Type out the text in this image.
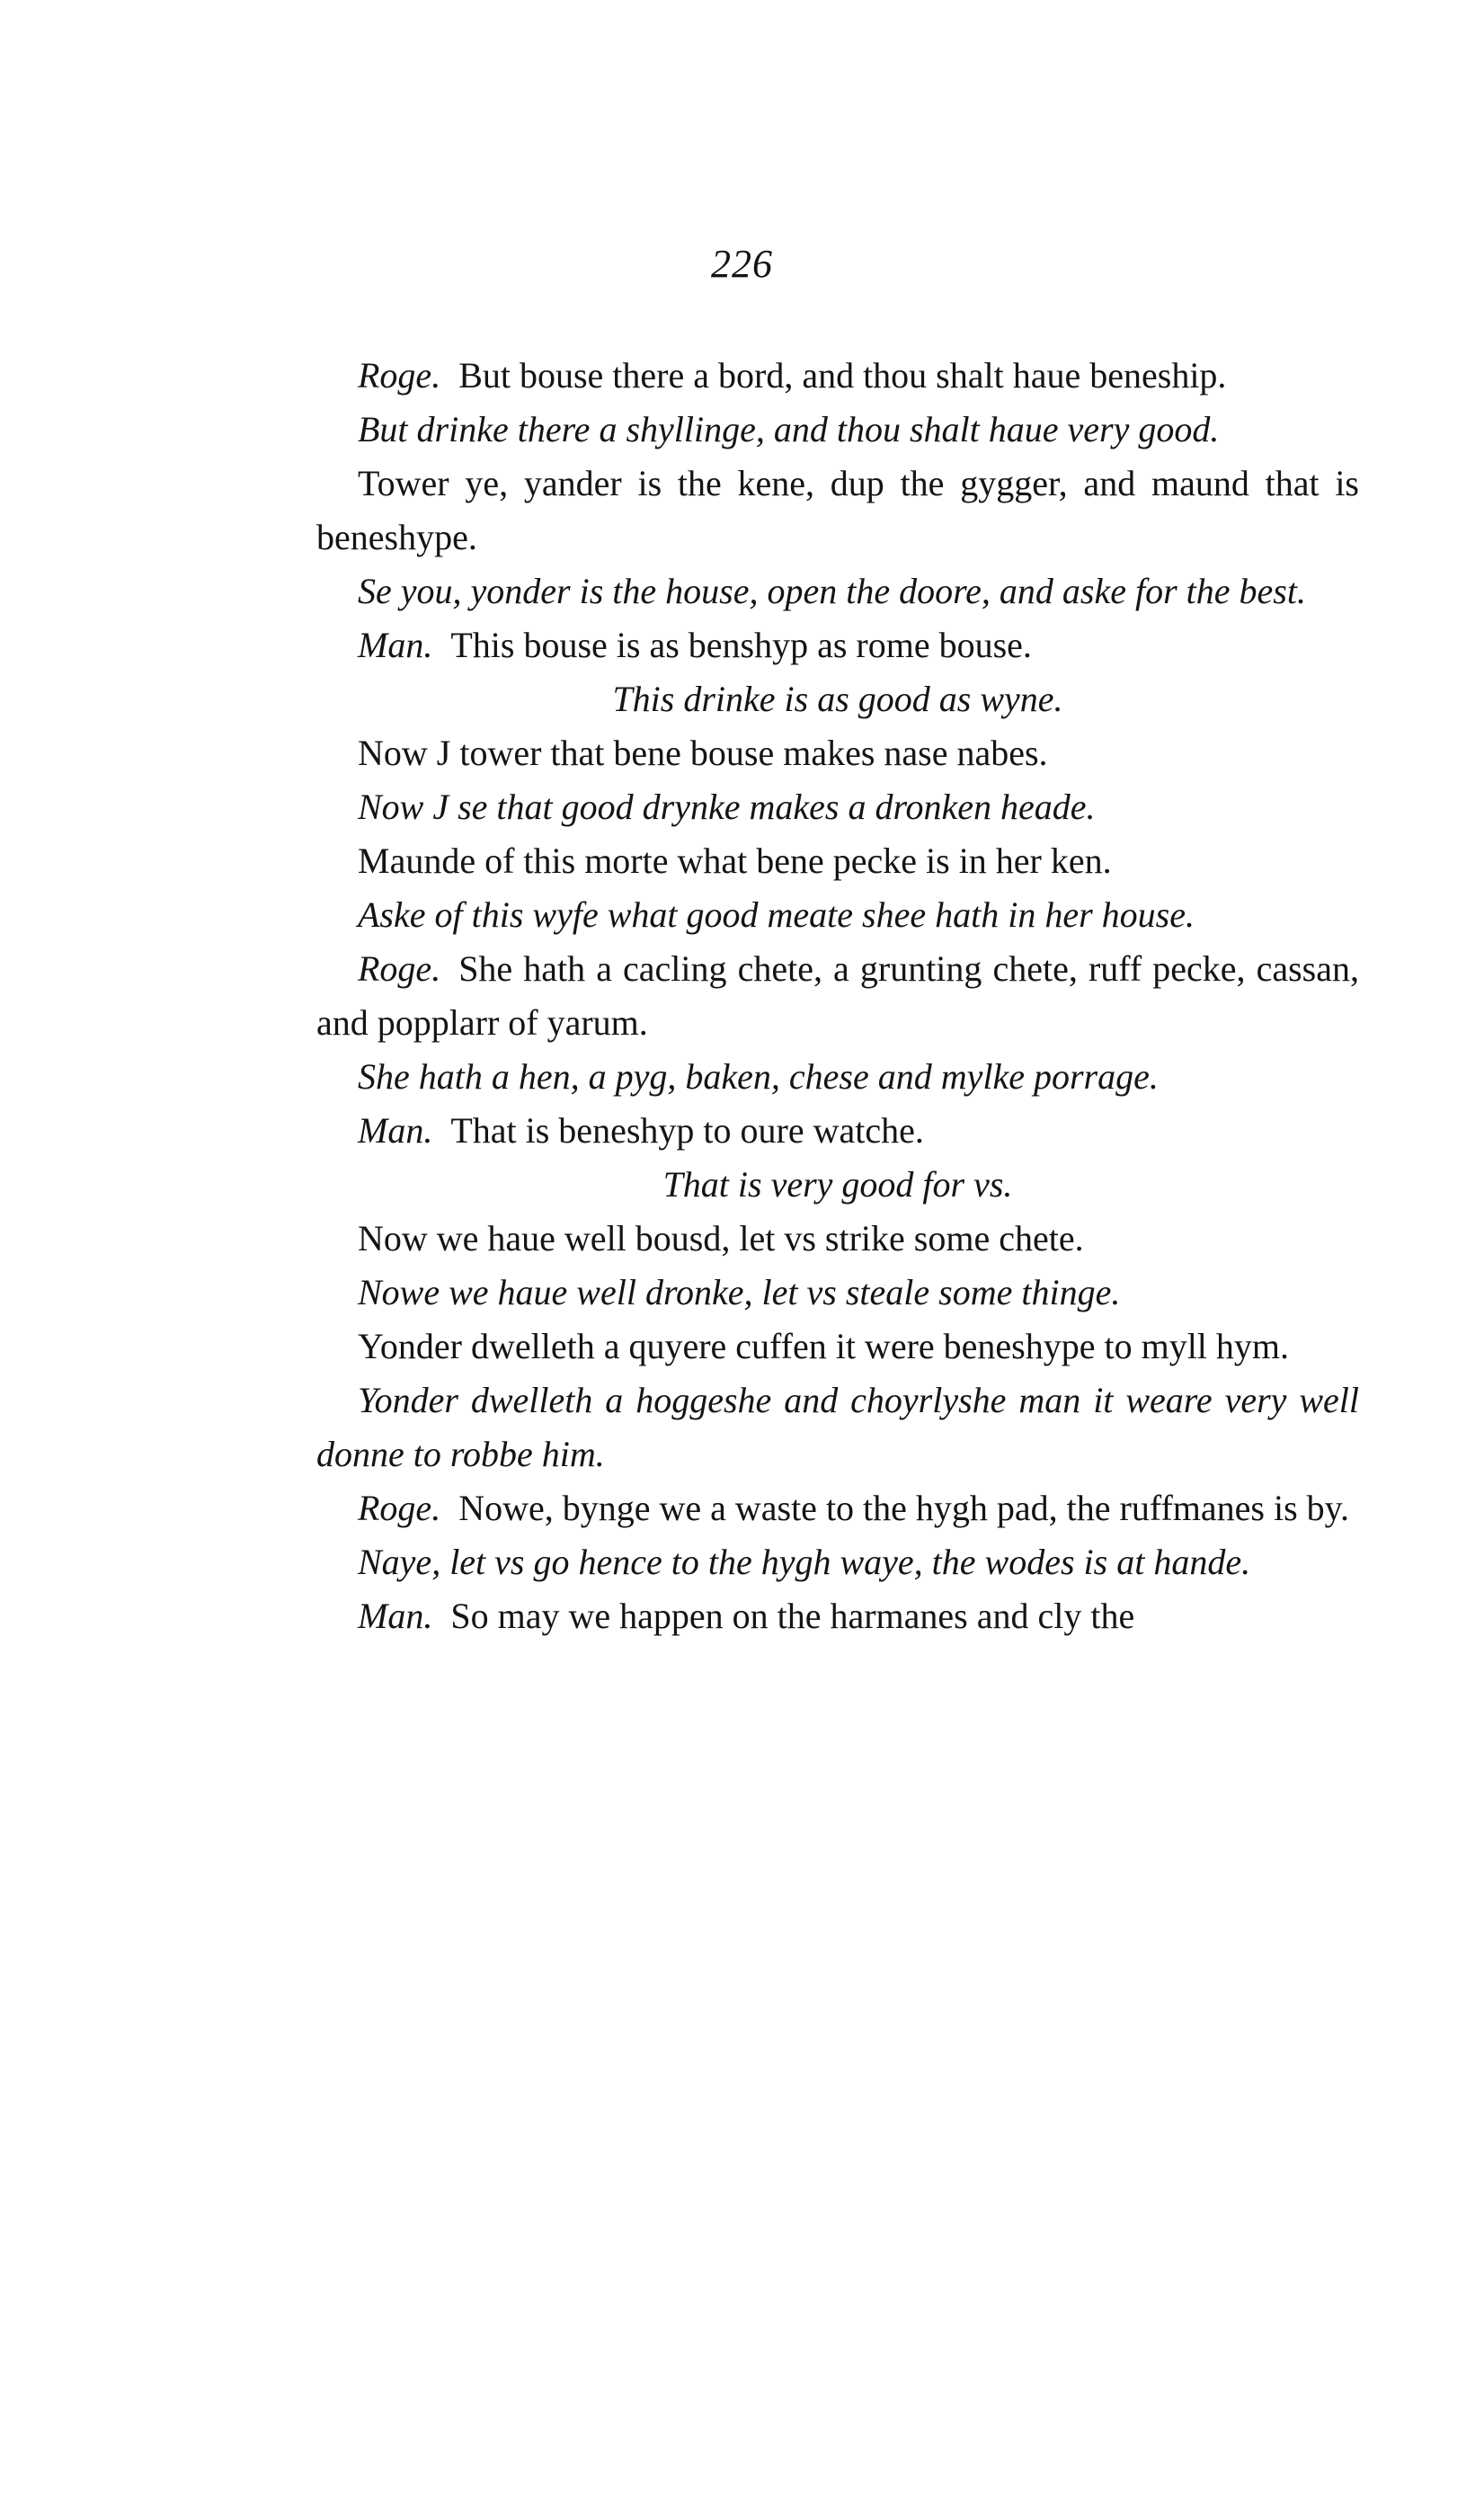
226

Roge. But bouse there a bord, and thou shalt haue beneship.

But drinke there a shyllinge, and thou shalt haue very good.

Tower ye, yander is the kene, dup the gygger, and maund that is beneshype.

Se you, yonder is the house, open the doore, and aske for the best.

Man. This bouse is as benshyp as rome bouse.

This drinke is as good as wyne.

Now J tower that bene bouse makes nase nabes.

Now J se that good drynke makes a dronken heade.

Maunde of this morte what bene pecke is in her ken.

Aske of this wyfe what good meate shee hath in her house.

Roge. She hath a cacling chete, a grunting chete, ruff pecke, cassan, and popplarr of yarum.

She hath a hen, a pyg, baken, chese and mylke porrage.

Man. That is beneshyp to oure watche.

That is very good for vs.

Now we haue well bousd, let vs strike some chete.

Nowe we haue well dronke, let vs steale some thinge.

Yonder dwelleth a quyere cuffen it were beneshype to myll hym.

Yonder dwelleth a hoggeshe and choyrlyshe man it weare very well donne to robbe him.

Roge. Nowe, bynge we a waste to the hygh pad, the ruffmanes is by.

Naye, let vs go hence to the hygh waye, the wodes is at hande.

Man. So may we happen on the harmanes and cly the
